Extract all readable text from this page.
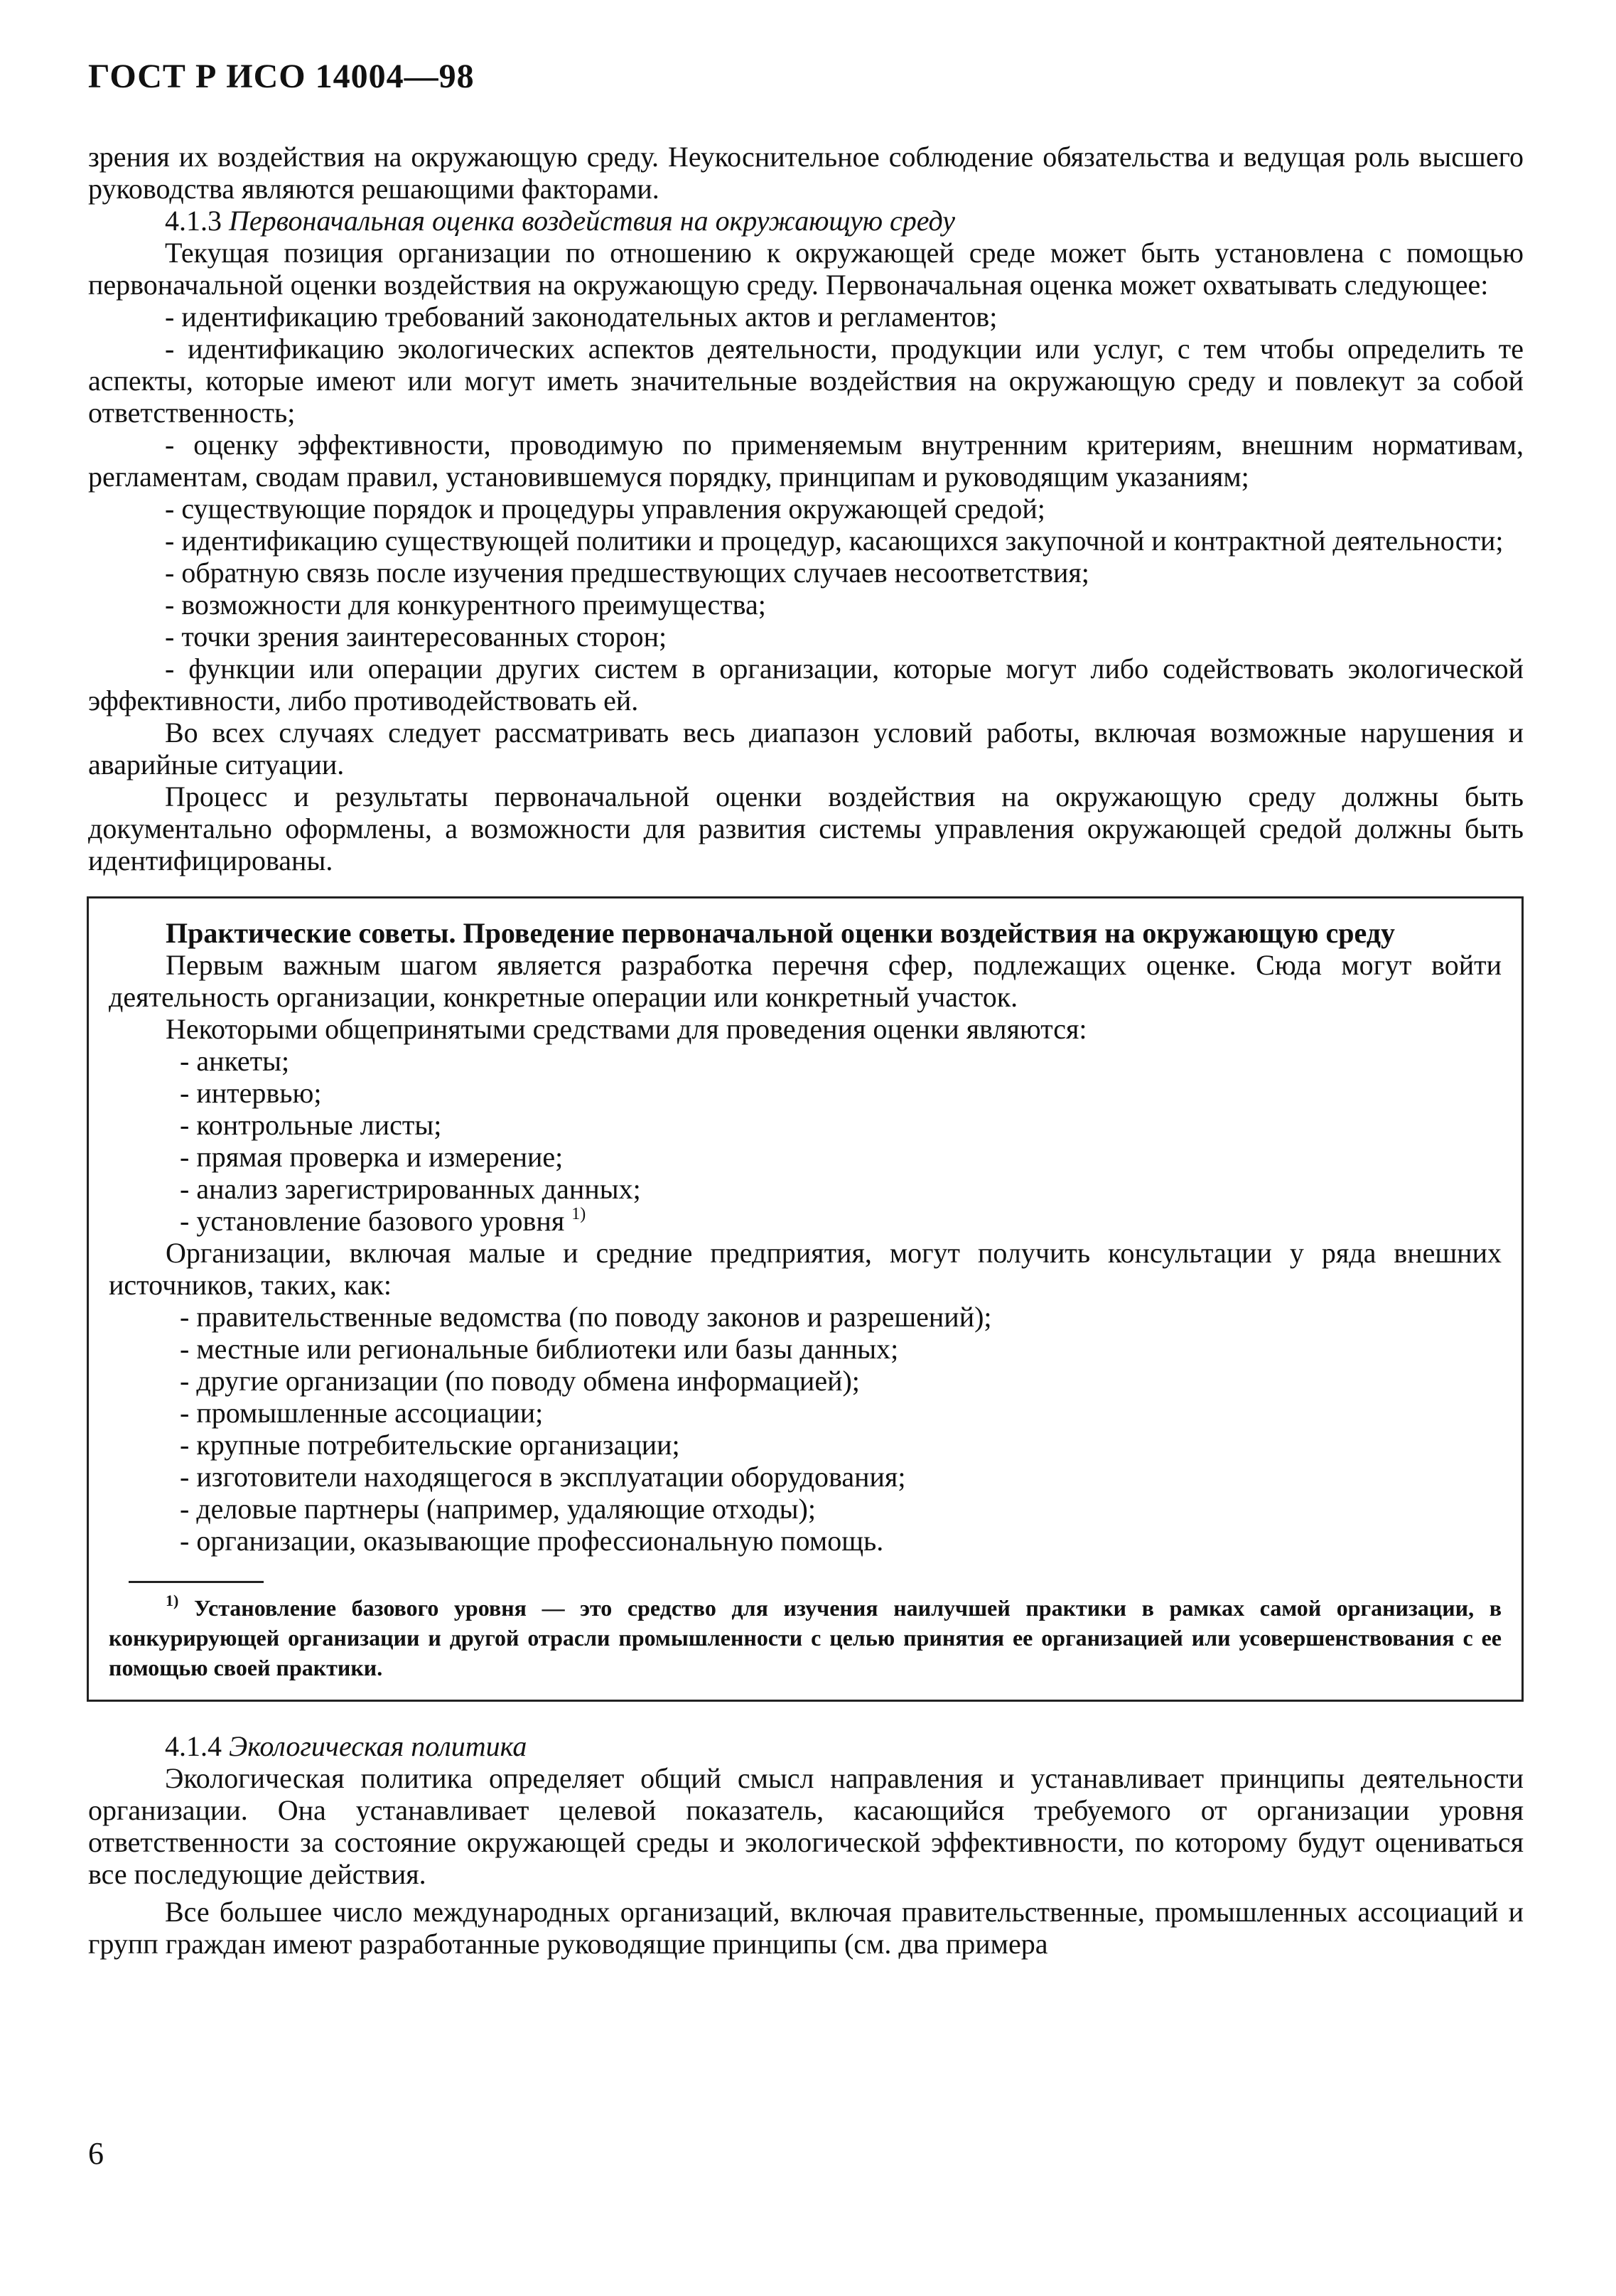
ГОСТ Р ИСО 14004—98

зрения их воздействия на окружающую среду. Неукоснительное соблюдение обязательства и ведущая роль высшего руководства являются решающими факторами.

4.1.3 Первоначальная оценка воздействия на окружающую среду

Текущая позиция организации по отношению к окружающей среде может быть установлена с помощью первоначальной оценки воздействия на окружающую среду. Первоначальная оценка может охватывать следующее:

- идентификацию требований законодательных актов и регламентов;

- идентификацию экологических аспектов деятельности, продукции или услуг, с тем чтобы определить те аспекты, которые имеют или могут иметь значительные воздействия на окружающую среду и повлекут за собой ответственность;

- оценку эффективности, проводимую по применяемым внутренним критериям, внешним нормативам, регламентам, сводам правил, установившемуся порядку, принципам и руководящим указаниям;

- существующие порядок и процедуры управления окружающей средой;

- идентификацию существующей политики и процедур, касающихся закупочной и контрактной деятельности;

- обратную связь после изучения предшествующих случаев несоответствия;

- возможности для конкурентного преимущества;

- точки зрения заинтересованных сторон;

- функции или операции других систем в организации, которые могут либо содействовать экологической эффективности, либо противодействовать ей.

Во всех случаях следует рассматривать весь диапазон условий работы, включая возможные нарушения и аварийные ситуации.

Процесс и результаты первоначальной оценки воздействия на окружающую среду должны быть документально оформлены, а возможности для развития системы управления окружающей средой должны быть идентифицированы.

Практические советы. Проведение первоначальной оценки воздействия на окружающую среду

Первым важным шагом является разработка перечня сфер, подлежащих оценке. Сюда могут войти деятельность организации, конкретные операции или конкретный участок.

Некоторыми общепринятыми средствами для проведения оценки являются:

- анкеты;

- интервью;

- контрольные листы;

- прямая проверка и измерение;

- анализ зарегистрированных данных;

- установление базового уровня $^{1)}$

Организации, включая малые и средние предприятия, могут получить консультации у ряда внешних источников, таких, как:

- правительственные ведомства (по поводу законов и разрешений);

- местные или региональные библиотеки или базы данных;

- другие организации (по поводу обмена информацией);

- промышленные ассоциации;

- крупные потребительские организации;

- изготовители находящегося в эксплуатации оборудования;

- деловые партнеры (например, удаляющие отходы);

- организации, оказывающие профессиональную помощь.

$^{1)}$ Установление базового уровня — это средство для изучения наилучшей практики в рамках самой организации, в конкурирующей организации и другой отрасли промышленности с целью принятия ее организацией или усовершенствования с ее помощью своей практики.

4.1.4 Экологическая политика

Экологическая политика определяет общий смысл направления и устанавливает принципы деятельности организации. Она устанавливает целевой показатель, касающийся требуемого от организации уровня ответственности за состояние окружающей среды и экологической эффективности, по которому будут оцениваться все последующие действия.

Все большее число международных организаций, включая правительственные, промышленных ассоциаций и групп граждан имеют разработанные руководящие принципы (см. два примера

6
